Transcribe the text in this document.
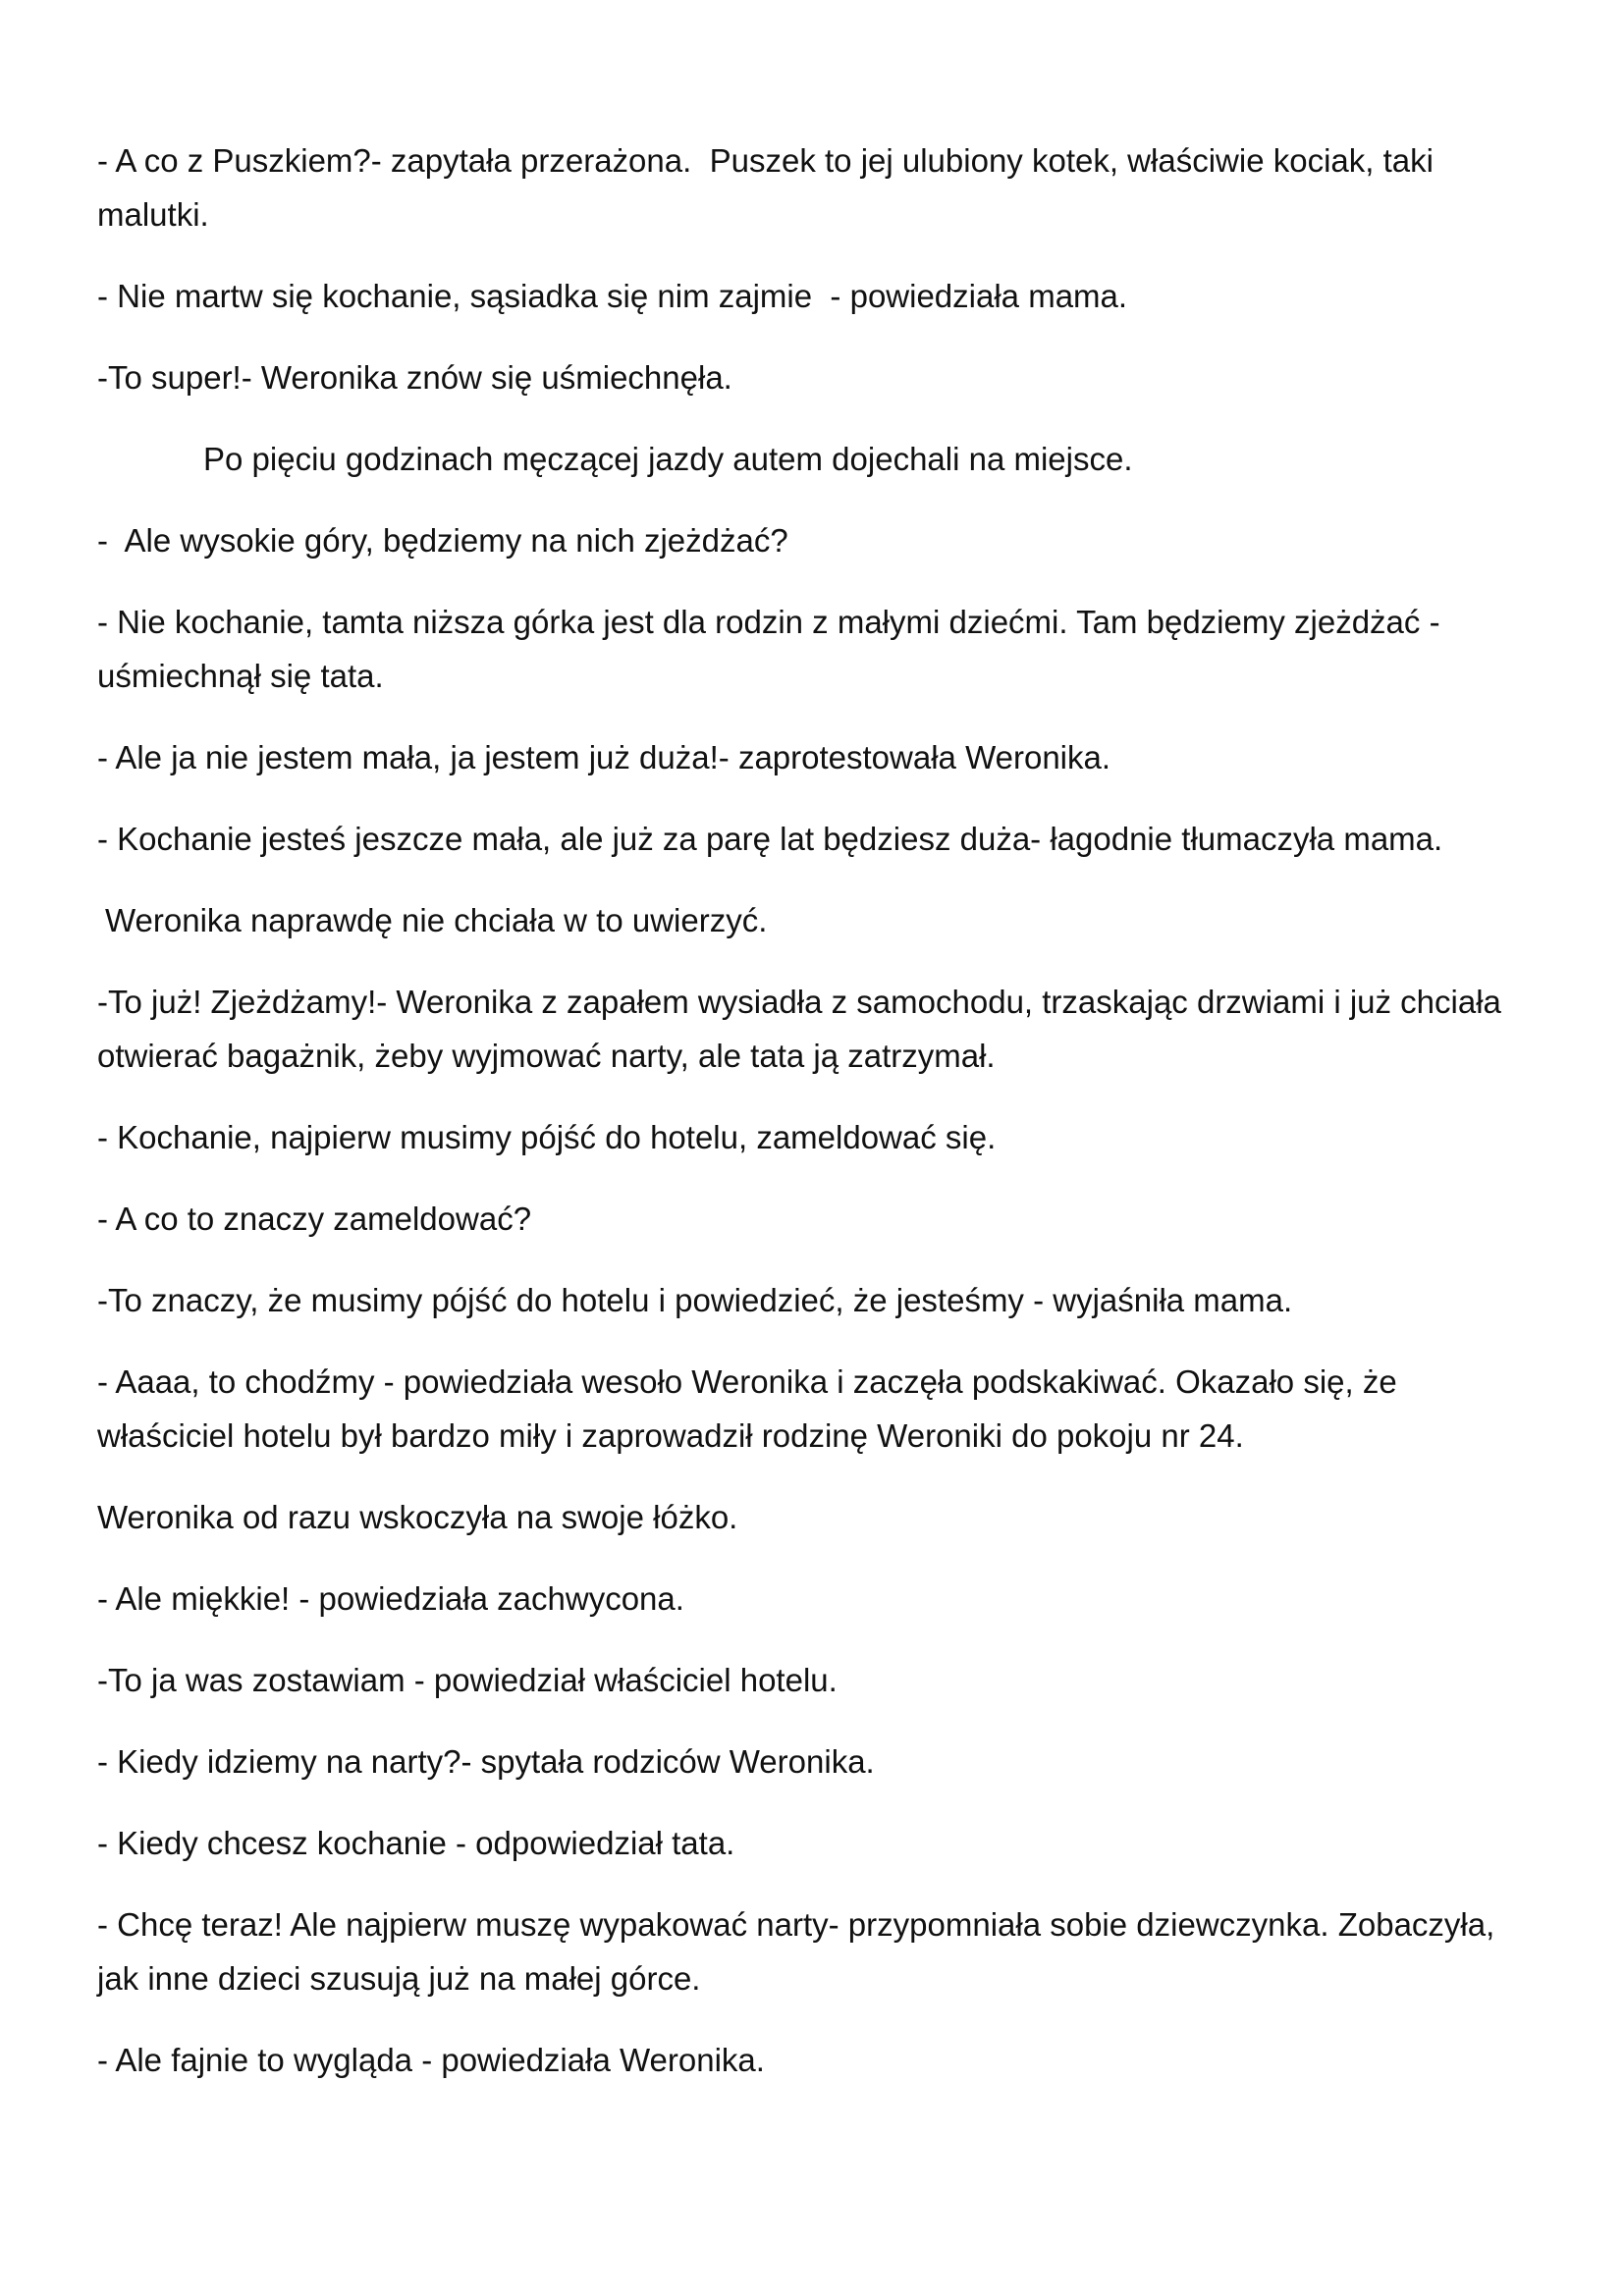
- A co z Puszkiem?- zapytała przerażona.  Puszek to jej ulubiony kotek, właściwie kociak, taki malutki.

- Nie martw się kochanie, sąsiadka się nim zajmie  - powiedziała mama.

-To super!- Weronika znów się uśmiechnęła.

Po pięciu godzinach męczącej jazdy autem dojechali na miejsce.

-  Ale wysokie góry, będziemy na nich zjeżdżać?

- Nie kochanie, tamta niższa górka jest dla rodzin z małymi dziećmi. Tam będziemy zjeżdżać - uśmiechnął się tata.

- Ale ja nie jestem mała, ja jestem już duża!- zaprotestowała Weronika.

- Kochanie jesteś jeszcze mała, ale już za parę lat będziesz duża- łagodnie tłumaczyła mama.

Weronika naprawdę nie chciała w to uwierzyć.

-To już! Zjeżdżamy!- Weronika z zapałem wysiadła z samochodu, trzaskając drzwiami i już chciała otwierać bagażnik, żeby wyjmować narty, ale tata ją zatrzymał.

- Kochanie, najpierw musimy pójść do hotelu, zameldować się.

- A co to znaczy zameldować?

-To znaczy, że musimy pójść do hotelu i powiedzieć, że jesteśmy - wyjaśniła mama.

- Aaaa, to chodźmy - powiedziała wesoło Weronika i zaczęła podskakiwać. Okazało się, że właściciel hotelu był bardzo miły i zaprowadził rodzinę Weroniki do pokoju nr 24.

Weronika od razu wskoczyła na swoje łóżko.

- Ale miękkie! - powiedziała zachwycona.

-To ja was zostawiam - powiedział właściciel hotelu.

- Kiedy idziemy na narty?- spytała rodziców Weronika.

- Kiedy chcesz kochanie - odpowiedział tata.

- Chcę teraz! Ale najpierw muszę wypakować narty- przypomniała sobie dziewczynka. Zobaczyła, jak inne dzieci szusują już na małej górce.

- Ale fajnie to wygląda - powiedziała Weronika.
